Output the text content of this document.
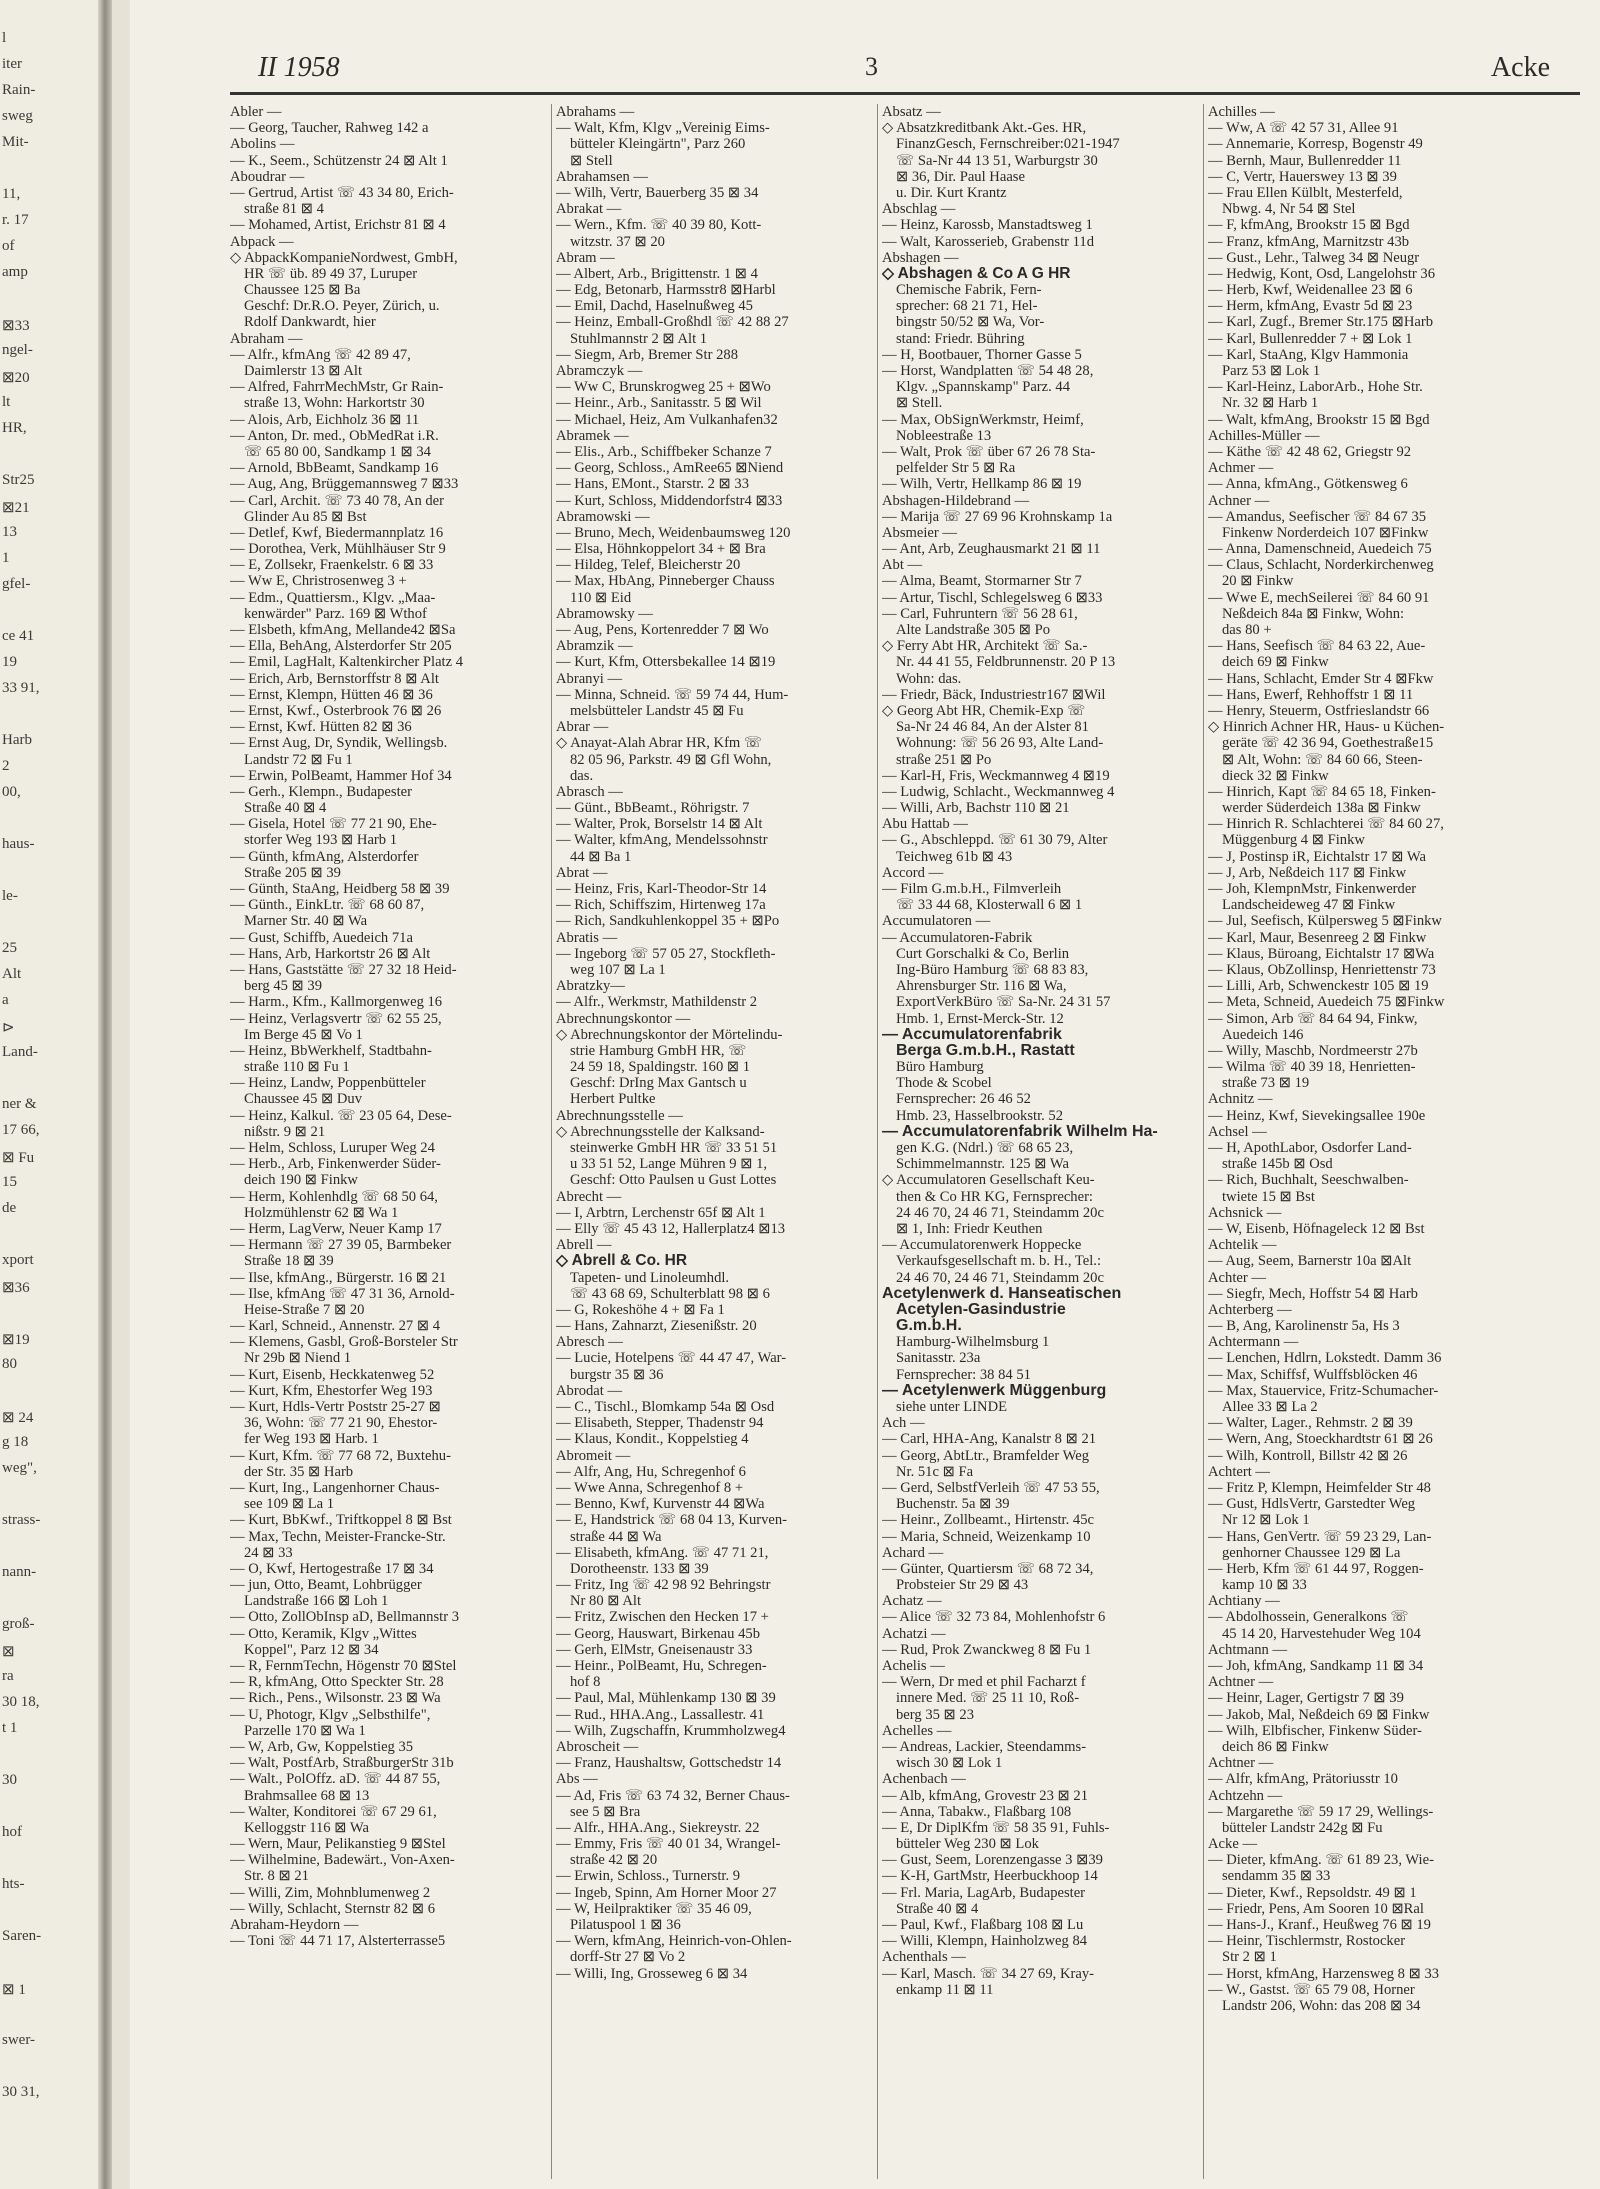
l
iter
Rain-
sweg
Mit-
11,
r. 17
of
amp
⊠33
ngel-
⊠20
lt
HR,
Str25
⊠21
13
1
gfel-
ce 41
19
33 91,
Harb
2
00,
haus-
le-
25
Alt
a
⊳
Land-
ner &
17 66,
⊠ Fu
15
de
xport
⊠36
⊠19
80
⊠ 24
g 18
weg",
strass-
nann-
groß-
⊠
ra
30 18,
t 1
30
hof
hts-
Saren-
⊠ 1
swer-
30 31,
II 1958	3	Acke
Abler —
— Georg, Taucher, Rahweg 142 a
Abolins —
— K., Seem., Schützenstr 24 ⊠ Alt 1
Aboudrar —
— Gertrud, Artist ☏ 43 34 80, Erich-
straße 81 ⊠ 4
— Mohamed, Artist, Erichstr 81 ⊠ 4
Abpack —
◇ AbpackKompanieNordwest, GmbH,
HR ☏ üb. 89 49 37, Luruper
Chaussee 125 ⊠ Ba
Geschf: Dr.R.O. Peyer, Zürich, u.
Rdolf Dankwardt, hier
Abraham —
— Alfr., kfmAng ☏ 42 89 47,
Daimlerstr 13 ⊠ Alt
— Alfred, FahrrMechMstr, Gr Rain-
straße 13, Wohn: Harkortstr 30
— Alois, Arb, Eichholz 36 ⊠ 11
— Anton, Dr. med., ObMedRat i.R.
☏ 65 80 00, Sandkamp 1 ⊠ 34
— Arnold, BbBeamt, Sandkamp 16
— Aug, Ang, Brüggemannsweg 7 ⊠33
— Carl, Archit. ☏ 73 40 78, An der
Glinder Au 85 ⊠ Bst
— Detlef, Kwf, Biedermannplatz 16
— Dorothea, Verk, Mühlhäuser Str 9
— E, Zollsekr, Fraenkelstr. 6 ⊠ 33
— Ww E, Christrosenweg 3 +
— Edm., Quattiersm., Klgv. „Maa-
kenwärder" Parz. 169 ⊠ Wthof
— Elsbeth, kfmAng, Mellande42 ⊠Sa
— Ella, BehAng, Alsterdorfer Str 205
— Emil, LagHalt, Kaltenkircher Platz 4
— Erich, Arb, Bernstorffstr 8 ⊠ Alt
— Ernst, Klempn, Hütten 46 ⊠ 36
— Ernst, Kwf., Osterbrook 76 ⊠ 26
— Ernst, Kwf. Hütten 82 ⊠ 36
— Ernst Aug, Dr, Syndik, Wellingsb.
Landstr 72 ⊠ Fu 1
— Erwin, PolBeamt, Hammer Hof 34
— Gerh., Klempn., Budapester
Straße 40 ⊠ 4
— Gisela, Hotel ☏ 77 21 90, Ehe-
storfer Weg 193 ⊠ Harb 1
— Günth, kfmAng, Alsterdorfer
Straße 205 ⊠ 39
— Günth, StaAng, Heidberg 58 ⊠ 39
— Günth., EinkLtr. ☏ 68 60 87,
Marner Str. 40 ⊠ Wa
— Gust, Schiffb, Auedeich 71a
— Hans, Arb, Harkortstr 26 ⊠ Alt
— Hans, Gaststätte ☏ 27 32 18 Heid-
berg 45 ⊠ 39
— Harm., Kfm., Kallmorgenweg 16
— Heinz, Verlagsvertr ☏ 62 55 25,
Im Berge 45 ⊠ Vo 1
— Heinz, BbWerkhelf, Stadtbahn-
straße 110 ⊠ Fu 1
— Heinz, Landw, Poppenbütteler
Chaussee 45 ⊠ Duv
— Heinz, Kalkul. ☏ 23 05 64, Dese-
nißstr. 9 ⊠ 21
— Helm, Schloss, Luruper Weg 24
— Herb., Arb, Finkenwerder Süder-
deich 190 ⊠ Finkw
— Herm, Kohlenhdlg ☏ 68 50 64,
Holzmühlenstr 62 ⊠ Wa 1
— Herm, LagVerw, Neuer Kamp 17
— Hermann ☏ 27 39 05, Barmbeker
Straße 18 ⊠ 39
— Ilse, kfmAng., Bürgerstr. 16 ⊠ 21
— Ilse, kfmAng ☏ 47 31 36, Arnold-
Heise-Straße 7 ⊠ 20
— Karl, Schneid., Annenstr. 27 ⊠ 4
— Klemens, Gasbl, Groß-Borsteler Str
Nr 29b ⊠ Niend 1
— Kurt, Eisenb, Heckkatenweg 52
— Kurt, Kfm, Ehestorfer Weg 193
— Kurt, Hdls-Vertr Poststr 25-27 ⊠
36, Wohn: ☏ 77 21 90, Ehestor-
fer Weg 193 ⊠ Harb. 1
— Kurt, Kfm. ☏ 77 68 72, Buxtehu-
der Str. 35 ⊠ Harb
— Kurt, Ing., Langenhorner Chaus-
see 109 ⊠ La 1
— Kurt, BbKwf., Triftkoppel 8 ⊠ Bst
— Max, Techn, Meister-Francke-Str.
24 ⊠ 33
— O, Kwf, Hertogestraße 17 ⊠ 34
— jun, Otto, Beamt, Lohbrügger
Landstraße 166 ⊠ Loh 1
— Otto, ZollObInsp aD, Bellmannstr 3
— Otto, Keramik, Klgv „Wittes
Koppel", Parz 12 ⊠ 34
— R, FernmTechn, Högenstr 70 ⊠Stel
— R, kfmAng, Otto Speckter Str. 28
— Rich., Pens., Wilsonstr. 23 ⊠ Wa
— U, Photogr, Klgv „Selbsthilfe",
Parzelle 170 ⊠ Wa 1
— W, Arb, Gw, Koppelstieg 35
— Walt, PostfArb, StraßburgerStr 31b
— Walt., PolOffz. aD. ☏ 44 87 55,
Brahmsallee 68 ⊠ 13
— Walter, Konditorei ☏ 67 29 61,
Kelloggstr 116 ⊠ Wa
— Wern, Maur, Pelikanstieg 9 ⊠Stel
— Wilhelmine, Badewärt., Von-Axen-
Str. 8 ⊠ 21
— Willi, Zim, Mohnblumenweg 2
— Willy, Schlacht, Sternstr 82 ⊠ 6
Abraham-Heydorn —
— Toni ☏ 44 71 17, Alsterterrasse5
Abrahams —
— Walt, Kfm, Klgv „Vereinig Eims-
bütteler Kleingärtn", Parz 260
⊠ Stell
Abrahamsen —
— Wilh, Vertr, Bauerberg 35 ⊠ 34
Abrakat —
— Wern., Kfm. ☏ 40 39 80, Kott-
witzstr. 37 ⊠ 20
Abram —
— Albert, Arb., Brigittenstr. 1 ⊠ 4
— Edg, Betonarb, Harmsstr8 ⊠Harbl
— Emil, Dachd, Haselnußweg 45
— Heinz, Emball-Großhdl ☏ 42 88 27
Stuhlmannstr 2 ⊠ Alt 1
— Siegm, Arb, Bremer Str 288
Abramczyk —
— Ww C, Brunskrogweg 25 + ⊠Wo
— Heinr., Arb., Sanitasstr. 5 ⊠ Wil
— Michael, Heiz, Am Vulkanhafen32
Abramek —
— Elis., Arb., Schiffbeker Schanze 7
— Georg, Schloss., AmRee65 ⊠Niend
— Hans, EMont., Starstr. 2 ⊠ 33
— Kurt, Schloss, Middendorfstr4 ⊠33
Abramowski —
— Bruno, Mech, Weidenbaumsweg 120
— Elsa, Höhnkoppelort 34 + ⊠ Bra
— Hildeg, Telef, Bleicherstr 20
— Max, HbAng, Pinneberger Chauss
110 ⊠ Eid
Abramowsky —
— Aug, Pens, Kortenredder 7 ⊠ Wo
Abramzik —
— Kurt, Kfm, Ottersbekallee 14 ⊠19
Abranyi —
— Minna, Schneid. ☏ 59 74 44, Hum-
melsbütteler Landstr 45 ⊠ Fu
Abrar —
◇ Anayat-Alah Abrar HR, Kfm ☏
82 05 96, Parkstr. 49 ⊠ Gfl Wohn,
das.
Abrasch —
— Günt., BbBeamt., Röhrigstr. 7
— Walter, Prok, Borselstr 14 ⊠ Alt
— Walter, kfmAng, Mendelssohnstr
44 ⊠ Ba 1
Abrat —
— Heinz, Fris, Karl-Theodor-Str 14
— Rich, Schiffszim, Hirtenweg 17a
— Rich, Sandkuhlenkoppel 35 + ⊠Po
Abratis —
— Ingeborg ☏ 57 05 27, Stockfleth-
weg 107 ⊠ La 1
Abratzky—
— Alfr., Werkmstr, Mathildenstr 2
Abrechnungskontor —
◇ Abrechnungskontor der Mörtelindu-
strie Hamburg GmbH HR, ☏
24 59 18, Spaldingstr. 160 ⊠ 1
Geschf: DrIng Max Gantsch u
Herbert Pultke
Abrechnungsstelle —
◇ Abrechnungsstelle der Kalksand-
steinwerke GmbH HR ☏ 33 51 51
u 33 51 52, Lange Mühren 9 ⊠ 1,
Geschf: Otto Paulsen u Gust Lottes
Abrecht —
— I, Arbtrn, Lerchenstr 65f ⊠ Alt 1
— Elly ☏ 45 43 12, Hallerplatz4 ⊠13
Abrell —
◇ Abrell & Co. HR
Tapeten- und Linoleumhdl.
☏ 43 68 69, Schulterblatt 98 ⊠ 6
— G, Rokeshöhe 4 + ⊠ Fa 1
— Hans, Zahnarzt, Ziesenißstr. 20
Abresch —
— Lucie, Hotelpens ☏ 44 47 47, War-
burgstr 35 ⊠ 36
Abrodat —
— C., Tischl., Blomkamp 54a ⊠ Osd
— Elisabeth, Stepper, Thadenstr 94
— Klaus, Kondit., Koppelstieg 4
Abromeit —
— Alfr, Ang, Hu, Schregenhof 6
— Wwe Anna, Schregenhof 8 +
— Benno, Kwf, Kurvenstr 44 ⊠Wa
— E, Handstrick ☏ 68 04 13, Kurven-
straße 44 ⊠ Wa
— Elisabeth, kfmAng. ☏ 47 71 21,
Dorotheenstr. 133 ⊠ 39
— Fritz, Ing ☏ 42 98 92 Behringstr
Nr 80 ⊠ Alt
— Fritz, Zwischen den Hecken 17 +
— Georg, Hauswart, Birkenau 45b
— Gerh, ElMstr, Gneisenaustr 33
— Heinr., PolBeamt, Hu, Schregen-
hof 8
— Paul, Mal, Mühlenkamp 130 ⊠ 39
— Rud., HHA.Ang., Lassallestr. 41
— Wilh, Zugschaffn, Krummholzweg4
Abroscheit —
— Franz, Haushaltsw, Gottschedstr 14
Abs —
— Ad, Fris ☏ 63 74 32, Berner Chaus-
see 5 ⊠ Bra
— Alfr., HHA.Ang., Siekreystr. 22
— Emmy, Fris ☏ 40 01 34, Wrangel-
straße 42 ⊠ 20
— Erwin, Schloss., Turnerstr. 9
— Ingeb, Spinn, Am Horner Moor 27
— W, Heilpraktiker ☏ 35 46 09,
Pilatuspool 1 ⊠ 36
— Wern, kfmAng, Heinrich-von-Ohlen-
dorff-Str 27 ⊠ Vo 2
— Willi, Ing, Grosseweg 6 ⊠ 34
Absatz —
◇ Absatzkreditbank Akt.-Ges. HR,
FinanzGesch, Fernschreiber:021-1947
☏ Sa-Nr 44 13 51, Warburgstr 30
⊠ 36, Dir. Paul Haase
u. Dir. Kurt Krantz
Abschlag —
— Heinz, Karossb, Manstadtsweg 1
— Walt, Karosserieb, Grabenstr 11d
Abshagen —
◇ Abshagen & Co A G HR
Chemische Fabrik, Fern-
sprecher: 68 21 71, Hel-
bingstr 50/52 ⊠ Wa, Vor-
stand: Friedr. Bühring
— H, Bootbauer, Thorner Gasse 5
— Horst, Wandplatten ☏ 54 48 28,
Klgv. „Spannskamp" Parz. 44
⊠ Stell.
— Max, ObSignWerkmstr, Heimf,
Nobleestraße 13
— Walt, Prok ☏ über 67 26 78 Sta-
pelfelder Str 5 ⊠ Ra
— Wilh, Vertr, Hellkamp 86 ⊠ 19
Abshagen-Hildebrand —
— Marija ☏ 27 69 96 Krohnskamp 1a
Absmeier —
— Ant, Arb, Zeughausmarkt 21 ⊠ 11
Abt —
— Alma, Beamt, Stormarner Str 7
— Artur, Tischl, Schlegelsweg 6 ⊠33
— Carl, Fuhruntern ☏ 56 28 61,
Alte Landstraße 305 ⊠ Po
◇ Ferry Abt HR, Architekt ☏ Sa.-
Nr. 44 41 55, Feldbrunnenstr. 20 P 13
Wohn: das.
— Friedr, Bäck, Industriestr167 ⊠Wil
◇ Georg Abt HR, Chemik-Exp ☏
Sa-Nr 24 46 84, An der Alster 81
Wohnung: ☏ 56 26 93, Alte Land-
straße 251 ⊠ Po
— Karl-H, Fris, Weckmannweg 4 ⊠19
— Ludwig, Schlacht., Weckmannweg 4
— Willi, Arb, Bachstr 110 ⊠ 21
Abu Hattab —
— G., Abschleppd. ☏ 61 30 79, Alter
Teichweg 61b ⊠ 43
Accord —
— Film G.m.b.H., Filmverleih
☏ 33 44 68, Klosterwall 6 ⊠ 1
Accumulatoren —
— Accumulatoren-Fabrik
Curt Gorschalki & Co, Berlin
Ing-Büro Hamburg ☏ 68 83 83,
Ahrensburger Str. 116 ⊠ Wa,
ExportVerkBüro ☏ Sa-Nr. 24 31 57
Hmb. 1, Ernst-Merck-Str. 12
— Accumulatorenfabrik
Berga G.m.b.H., Rastatt
Büro Hamburg
Thode & Scobel
Fernsprecher: 26 46 52
Hmb. 23, Hasselbrookstr. 52
— Accumulatorenfabrik Wilhelm Ha-
gen K.G. (Ndrl.) ☏ 68 65 23,
Schimmelmannstr. 125 ⊠ Wa
◇ Accumulatoren Gesellschaft Keu-
then & Co HR KG, Fernsprecher:
24 46 70, 24 46 71, Steindamm 20c
⊠ 1, Inh: Friedr Keuthen
— Accumulatorenwerk Hoppecke
Verkaufsgesellschaft m. b. H., Tel.:
24 46 70, 24 46 71, Steindamm 20c
Acetylenwerk d. Hanseatischen
Acetylen-Gasindustrie
G.m.b.H.
Hamburg-Wilhelmsburg 1
Sanitasstr. 23a
Fernsprecher: 38 84 51
— Acetylenwerk Müggenburg
siehe unter LINDE
Ach —
— Carl, HHA-Ang, Kanalstr 8 ⊠ 21
— Georg, AbtLtr., Bramfelder Weg
Nr. 51c ⊠ Fa
— Gerd, SelbstfVerleih ☏ 47 53 55,
Buchenstr. 5a ⊠ 39
— Heinr., Zollbeamt., Hirtenstr. 45c
— Maria, Schneid, Weizenkamp 10
Achard —
— Günter, Quartiersm ☏ 68 72 34,
Probsteier Str 29 ⊠ 43
Achatz —
— Alice ☏ 32 73 84, Mohlenhofstr 6
Achatzi —
— Rud, Prok Zwanckweg 8 ⊠ Fu 1
Achelis —
— Wern, Dr med et phil Facharzt f
innere Med. ☏ 25 11 10, Roß-
berg 35 ⊠ 23
Achelles —
— Andreas, Lackier, Steendamms-
wisch 30 ⊠ Lok 1
Achenbach —
— Alb, kfmAng, Grovestr 23 ⊠ 21
— Anna, Tabakw., Flaßbarg 108
— E, Dr DiplKfm ☏ 58 35 91, Fuhls-
bütteler Weg 230 ⊠ Lok
— Gust, Seem, Lorenzengasse 3 ⊠39
— K-H, GartMstr, Heerbuckhoop 14
— Frl. Maria, LagArb, Budapester
Straße 40 ⊠ 4
— Paul, Kwf., Flaßbarg 108 ⊠ Lu
— Willi, Klempn, Hainholzweg 84
Achenthals —
— Karl, Masch. ☏ 34 27 69, Kray-
enkamp 11 ⊠ 11
Achilles —
— Ww, A ☏ 42 57 31, Allee 91
— Annemarie, Korresp, Bogenstr 49
— Bernh, Maur, Bullenredder 11
— C, Vertr, Hauerswey 13 ⊠ 39
— Frau Ellen Külblt, Mesterfeld,
Nbwg. 4, Nr 54 ⊠ Stel
— F, kfmAng, Brookstr 15 ⊠ Bgd
— Franz, kfmAng, Marnitzstr 43b
— Gust., Lehr., Talweg 34 ⊠ Neugr
— Hedwig, Kont, Osd, Langelohstr 36
— Herb, Kwf, Weidenallee 23 ⊠ 6
— Herm, kfmAng, Evastr 5d ⊠ 23
— Karl, Zugf., Bremer Str.175 ⊠Harb
— Karl, Bullenredder 7 + ⊠ Lok 1
— Karl, StaAng, Klgv Hammonia
Parz 53 ⊠ Lok 1
— Karl-Heinz, LaborArb., Hohe Str.
Nr. 32 ⊠ Harb 1
— Walt, kfmAng, Brookstr 15 ⊠ Bgd
Achilles-Müller —
— Käthe ☏ 42 48 62, Griegstr 92
Achmer —
— Anna, kfmAng., Götkensweg 6
Achner —
— Amandus, Seefischer ☏ 84 67 35
Finkenw Norderdeich 107 ⊠Finkw
— Anna, Damenschneid, Auedeich 75
— Claus, Schlacht, Norderkirchenweg
20 ⊠ Finkw
— Wwe E, mechSeilerei ☏ 84 60 91
Neßdeich 84a ⊠ Finkw, Wohn:
das 80 +
— Hans, Seefisch ☏ 84 63 22, Aue-
deich 69 ⊠ Finkw
— Hans, Schlacht, Emder Str 4 ⊠Fkw
— Hans, Ewerf, Rehhoffstr 1 ⊠ 11
— Henry, Steuerm, Ostfrieslandstr 66
◇ Hinrich Achner HR, Haus- u Küchen-
geräte ☏ 42 36 94, Goethestraße15
⊠ Alt, Wohn: ☏ 84 60 66, Steen-
dieck 32 ⊠ Finkw
— Hinrich, Kapt ☏ 84 65 18, Finken-
werder Süderdeich 138a ⊠ Finkw
— Hinrich R. Schlachterei ☏ 84 60 27,
Müggenburg 4 ⊠ Finkw
— J, Postinsp iR, Eichtalstr 17 ⊠ Wa
— J, Arb, Neßdeich 117 ⊠ Finkw
— Joh, KlempnMstr, Finkenwerder
Landscheideweg 47 ⊠ Finkw
— Jul, Seefisch, Külpersweg 5 ⊠Finkw
— Karl, Maur, Besenreeg 2 ⊠ Finkw
— Klaus, Büroang, Eichtalstr 17 ⊠Wa
— Klaus, ObZollinsp, Henriettenstr 73
— Lilli, Arb, Schwenckestr 105 ⊠ 19
— Meta, Schneid, Auedeich 75 ⊠Finkw
— Simon, Arb ☏ 84 64 94, Finkw,
Auedeich 146
— Willy, Maschb, Nordmeerstr 27b
— Wilma ☏ 40 39 18, Henrietten-
straße 73 ⊠ 19
Achnitz —
— Heinz, Kwf, Sievekingsallee 190e
Achsel —
— H, ApothLabor, Osdorfer Land-
straße 145b ⊠ Osd
— Rich, Buchhalt, Seeschwalben-
twiete 15 ⊠ Bst
Achsnick —
— W, Eisenb, Höfnageleck 12 ⊠ Bst
Achtelik —
— Aug, Seem, Barnerstr 10a ⊠Alt
Achter —
— Siegfr, Mech, Hoffstr 54 ⊠ Harb
Achterberg —
— B, Ang, Karolinenstr 5a, Hs 3
Achtermann —
— Lenchen, Hdlrn, Lokstedt. Damm 36
— Max, Schiffsf, Wulffsblöcken 46
— Max, Stauervice, Fritz-Schumacher-
Allee 33 ⊠ La 2
— Walter, Lager., Rehmstr. 2 ⊠ 39
— Wern, Ang, Stoeckhardtstr 61 ⊠ 26
— Wilh, Kontroll, Billstr 42 ⊠ 26
Achtert —
— Fritz P, Klempn, Heimfelder Str 48
— Gust, HdlsVertr, Garstedter Weg
Nr 12 ⊠ Lok 1
— Hans, GenVertr. ☏ 59 23 29, Lan-
genhorner Chaussee 129 ⊠ La
— Herb, Kfm ☏ 61 44 97, Roggen-
kamp 10 ⊠ 33
Achtiany —
— Abdolhossein, Generalkons ☏
45 14 20, Harvestehuder Weg 104
Achtmann —
— Joh, kfmAng, Sandkamp 11 ⊠ 34
Achtner —
— Heinr, Lager, Gertigstr 7 ⊠ 39
— Jakob, Mal, Neßdeich 69 ⊠ Finkw
— Wilh, Elbfischer, Finkenw Süder-
deich 86 ⊠ Finkw
Achtner —
— Alfr, kfmAng, Prätoriusstr 10
Achtzehn —
— Margarethe ☏ 59 17 29, Wellings-
bütteler Landstr 242g ⊠ Fu
Acke —
— Dieter, kfmAng. ☏ 61 89 23, Wie-
sendamm 35 ⊠ 33
— Dieter, Kwf., Repsoldstr. 49 ⊠ 1
— Friedr, Pens, Am Sooren 10 ⊠Ral
— Hans-J., Kranf., Heußweg 76 ⊠ 19
— Heinr, Tischlermstr, Rostocker
Str 2 ⊠ 1
— Horst, kfmAng, Harzensweg 8 ⊠ 33
— W., Gastst. ☏ 65 79 08, Horner
Landstr 206, Wohn: das 208 ⊠ 34
